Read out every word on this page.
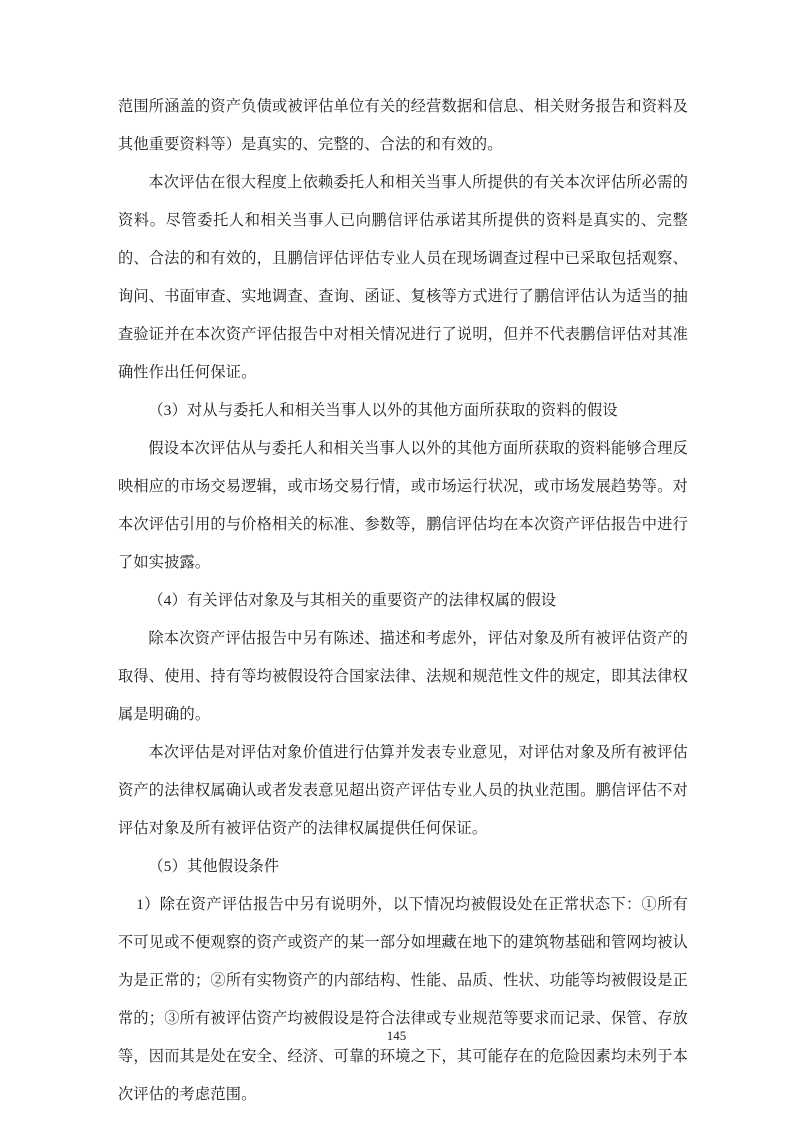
范围所涵盖的资产负债或被评估单位有关的经营数据和信息、相关财务报告和资料及其他重要资料等）是真实的、完整的、合法的和有效的。

本次评估在很大程度上依赖委托人和相关当事人所提供的有关本次评估所必需的资料。尽管委托人和相关当事人已向鹏信评估承诺其所提供的资料是真实的、完整的、合法的和有效的，且鹏信评估评估专业人员在现场调查过程中已采取包括观察、询问、书面审查、实地调查、查询、函证、复核等方式进行了鹏信评估认为适当的抽查验证并在本次资产评估报告中对相关情况进行了说明，但并不代表鹏信评估对其准确性作出任何保证。

（3）对从与委托人和相关当事人以外的其他方面所获取的资料的假设

假设本次评估从与委托人和相关当事人以外的其他方面所获取的资料能够合理反映相应的市场交易逻辑，或市场交易行情，或市场运行状况，或市场发展趋势等。对本次评估引用的与价格相关的标准、参数等，鹏信评估均在本次资产评估报告中进行了如实披露。

（4）有关评估对象及与其相关的重要资产的法律权属的假设

除本次资产评估报告中另有陈述、描述和考虑外，评估对象及所有被评估资产的取得、使用、持有等均被假设符合国家法律、法规和规范性文件的规定，即其法律权属是明确的。

本次评估是对评估对象价值进行估算并发表专业意见，对评估对象及所有被评估资产的法律权属确认或者发表意见超出资产评估专业人员的执业范围。鹏信评估不对评估对象及所有被评估资产的法律权属提供任何保证。

（5）其他假设条件

1）除在资产评估报告中另有说明外，以下情况均被假设处在正常状态下：①所有不可见或不便观察的资产或资产的某一部分如埋藏在地下的建筑物基础和管网均被认为是正常的；②所有实物资产的内部结构、性能、品质、性状、功能等均被假设是正常的；③所有被评估资产均被假设是符合法律或专业规范等要求而记录、保管、存放等，因而其是处在安全、经济、可靠的环境之下，其可能存在的危险因素均未列于本次评估的考虑范围。

145
